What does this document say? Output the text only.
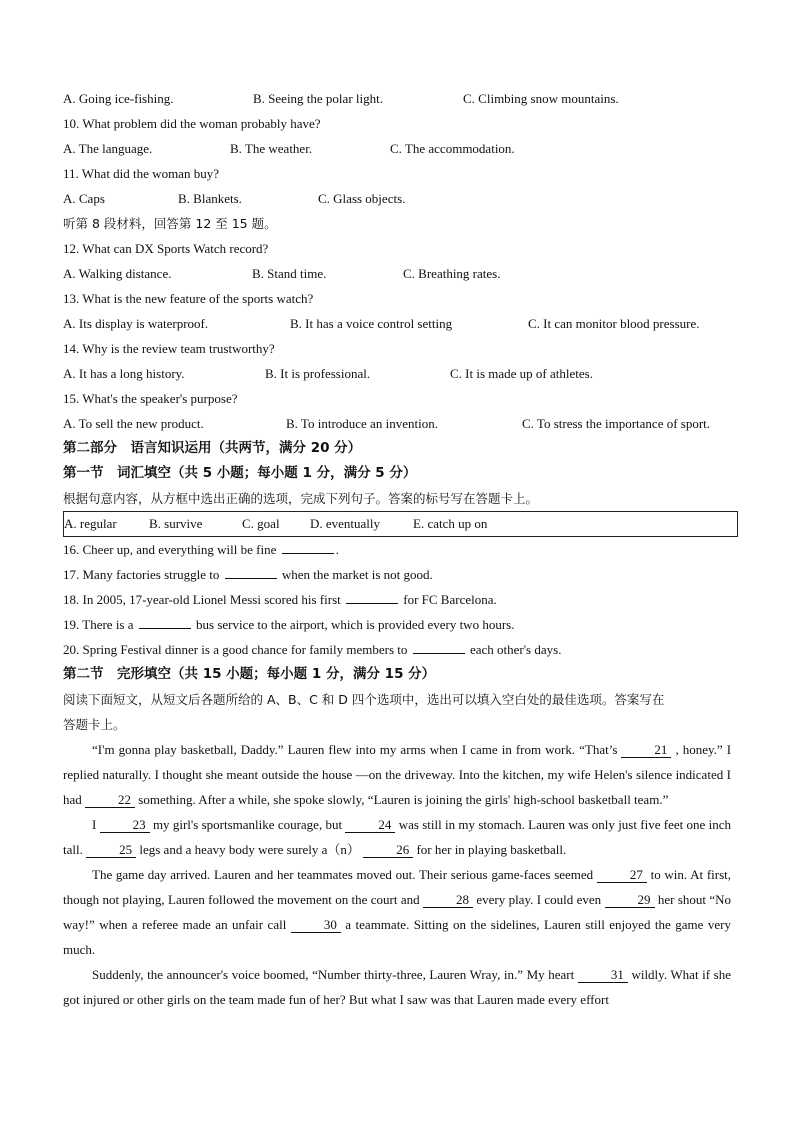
A. Going ice-fishing.	B. Seeing the polar light.	C. Climbing snow mountains.
10. What problem did the woman probably have?
A. The language.	B. The weather.	C. The accommodation.
11. What did the woman buy?
A. Caps	B. Blankets.	C. Glass objects.
听第 8 段材料，回答第 12 至 15 题。
12. What can DX Sports Watch record?
A. Walking distance.	B. Stand time.	C. Breathing rates.
13. What is the new feature of the sports watch?
A. Its display is waterproof.	B. It has a voice control setting	C. It can monitor blood pressure.
14. Why is the review team trustworthy?
A. It has a long history.	B. It is professional.	C. It is made up of athletes.
15. What's the speaker's purpose?
A. To sell the new product.	B. To introduce an invention.	C. To stress the importance of sport.
第二部分　语言知识运用（共两节，满分 20 分）
第一节　词汇填空（共 5 小题；每小题 1 分，满分 5 分）
根据句意内容，从方框中选出正确的选项，完成下列句子。答案的标号写在答题卡上。
A. regular B. survive	C. goal D. eventually	E. catch up on
16. Cheer up, and everything will be fine	.
17. Many factories struggle to	when the market is not good.
18. In 2005, 17-year-old Lionel Messi scored his first	for FC Barcelona.
19. There is a	bus service to the airport, which is provided every two hours.
20. Spring Festival dinner is a good chance for family members to	each other's days.
第二节　完形填空（共 15 小题；每小题 1 分，满分 15 分）
阅读下面短文，从短文后各题所给的 A、B、C 和 D 四个选项中，选出可以填入空白处的最佳选项。答案写在
答题卡上。
“I'm gonna play basketball, Daddy.” Lauren flew into my arms when I came in from work. “That’s	21 , honey.” I replied naturally. I thought she meant outside the house —on the driveway. Into the kitchen, my wife Helen's silence indicated I had	22 something. After a while, she spoke slowly, “Lauren is joining the girls' high-school basketball team.”
I	23 my girl's sportsmanlike courage, but	24 was still in my stomach. Lauren was only just five feet one inch tall.	25 legs and a heavy body were surely a（n）	26 for her in playing basketball.
The game day arrived. Lauren and her teammates moved out. Their serious game-faces seemed	27 to win. At first, though not playing, Lauren followed the movement on the court and	28 every play. I could even	29 her shout “No way!” when a referee made an unfair call	30 a teammate. Sitting on the sidelines, Lauren still enjoyed the game very much.
Suddenly, the announcer's voice boomed, “Number thirty-three, Lauren Wray, in.” My heart	31 wildly. What if she got injured or other girls on the team made fun of her? But what I saw was that Lauren made every effort
